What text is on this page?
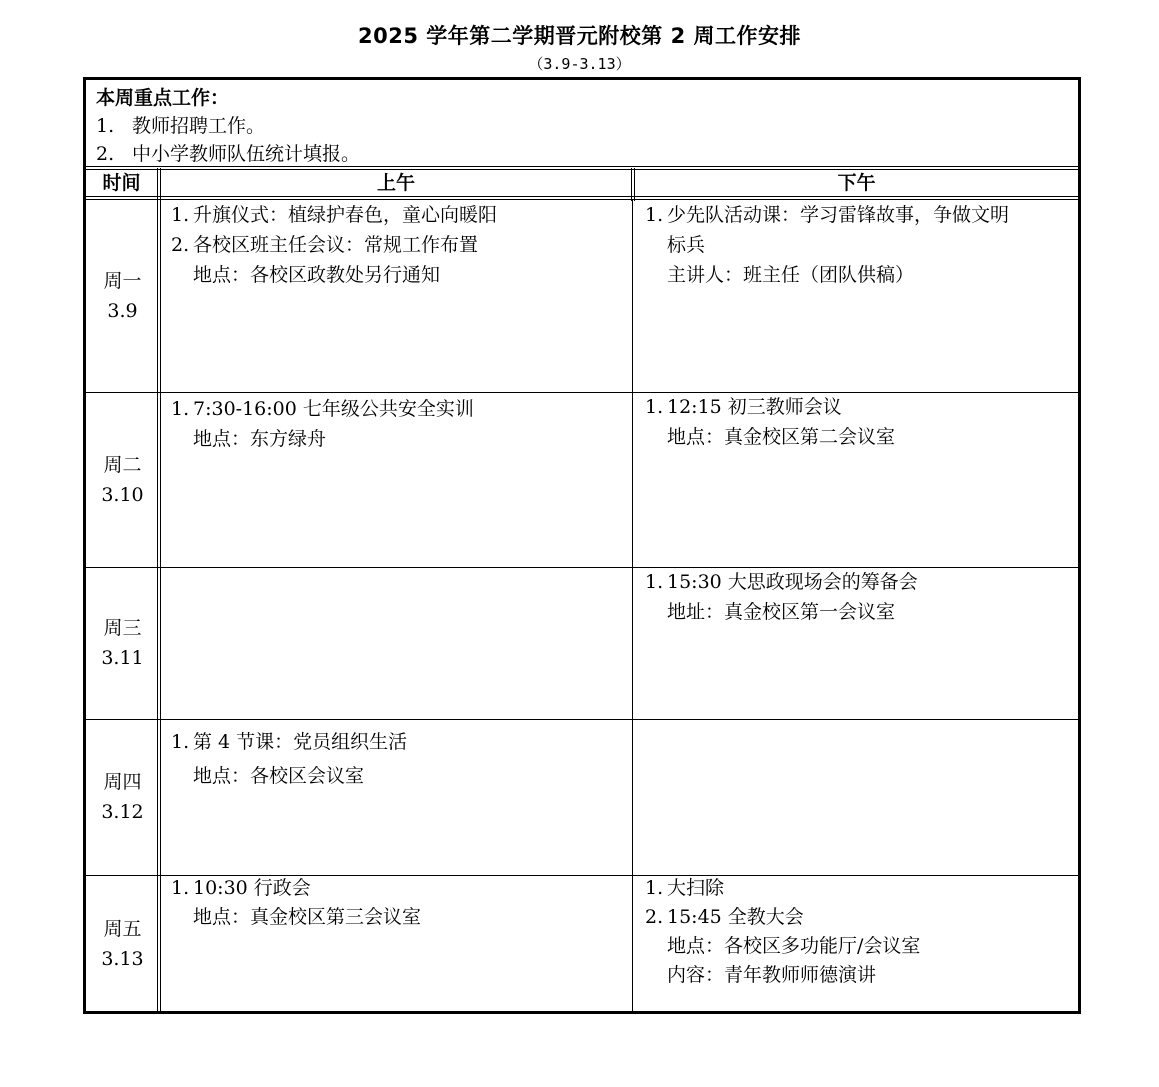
2025 学年第二学期晋元附校第 2 周工作安排
（3.9-3.13）
本周重点工作：
1. 教师招聘工作。
2. 中小学教师队伍统计填报。
时间	上午	下午
周一
3.9
周二
3.10
周三
3.11
周四
3.12
周五
3.13
1. 升旗仪式：植绿护春色，童心向暖阳
2. 各校区班主任会议：常规工作布置
地点：各校区政教处另行通知
1. 少先队活动课：学习雷锋故事，争做文明
标兵
主讲人：班主任（团队供稿）
1. 7:30-16:00 七年级公共安全实训
地点：东方绿舟
1. 12:15 初三教师会议
地点：真金校区第二会议室
1. 15:30 大思政现场会的筹备会
地址：真金校区第一会议室
1. 第 4 节课：党员组织生活
地点：各校区会议室
1. 10:30 行政会
地点：真金校区第三会议室
1. 大扫除
2. 15:45 全教大会
地点：各校区多功能厅/会议室
内容：青年教师师德演讲
